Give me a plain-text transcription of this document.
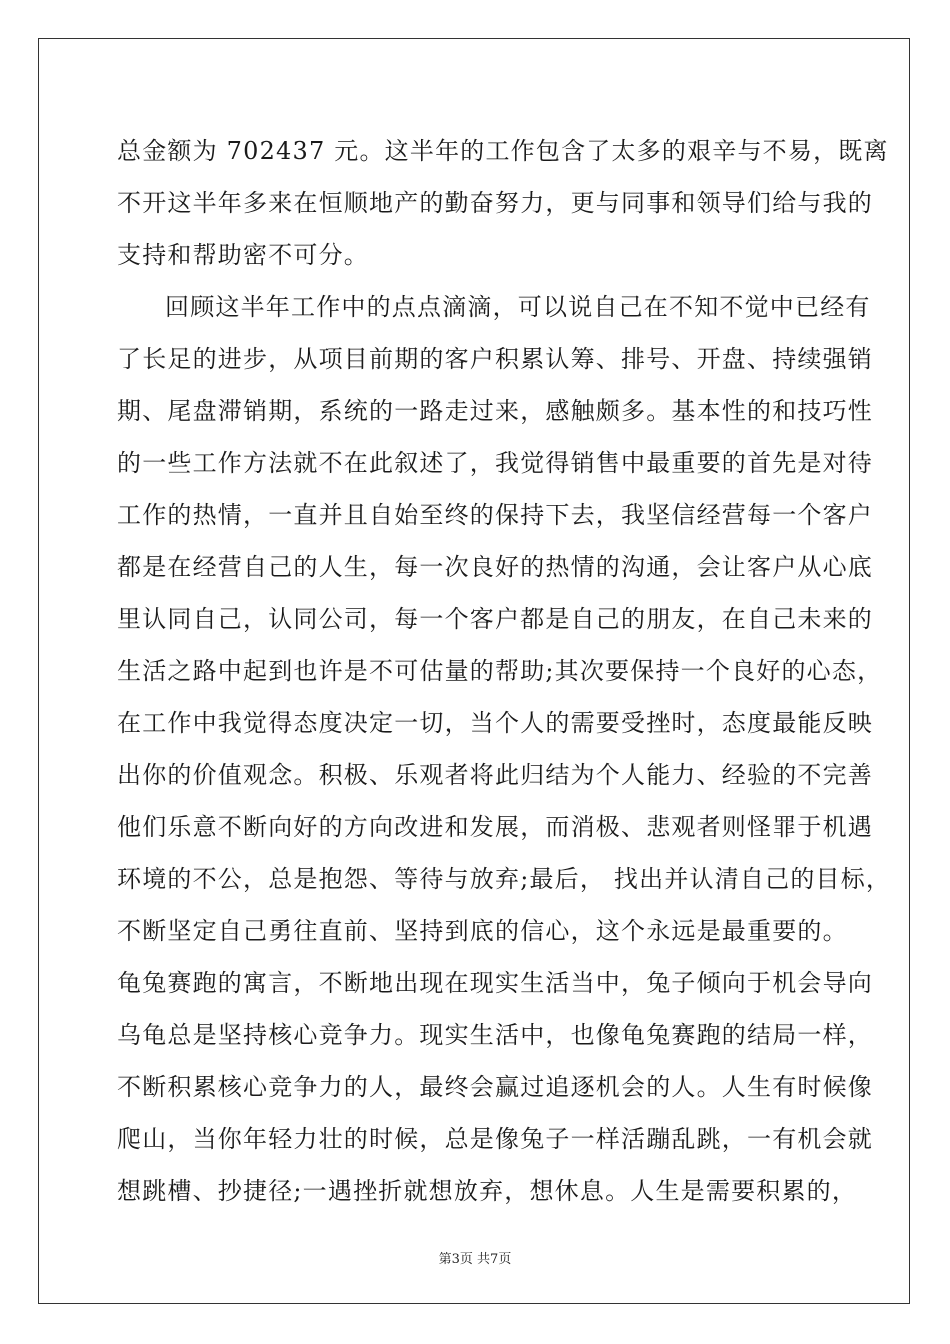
总金额为 702437 元。这半年的工作包含了太多的艰辛与不易，既离
不开这半年多来在恒顺地产的勤奋努力，更与同事和领导们给与我的
支持和帮助密不可分。
回顾这半年工作中的点点滴滴，可以说自己在不知不觉中已经有
了长足的进步，从项目前期的客户积累认筹、排号、开盘、持续强销
期、尾盘滞销期，系统的一路走过来，感触颇多。基本性的和技巧性
的一些工作方法就不在此叙述了，我觉得销售中最重要的首先是对待
工作的热情，一直并且自始至终的保持下去，我坚信经营每一个客户
都是在经营自己的人生，每一次良好的热情的沟通，会让客户从心底
里认同自己，认同公司，每一个客户都是自己的朋友，在自己未来的
生活之路中起到也许是不可估量的帮助;其次要保持一个良好的心态，
在工作中我觉得态度决定一切，当个人的需要受挫时，态度最能反映
出你的价值观念。积极、乐观者将此归结为个人能力、经验的不完善
他们乐意不断向好的方向改进和发展，而消极、悲观者则怪罪于机遇
环境的不公，总是抱怨、等待与放弃;最后， 找出并认清自己的目标，
不断坚定自己勇往直前、坚持到底的信心，这个永远是最重要的。
龟兔赛跑的寓言，不断地出现在现实生活当中，兔子倾向于机会导向
乌龟总是坚持核心竞争力。现实生活中，也像龟兔赛跑的结局一样，
不断积累核心竞争力的人，最终会赢过追逐机会的人。人生有时候像
爬山，当你年轻力壮的时候，总是像兔子一样活蹦乱跳，一有机会就
想跳槽、抄捷径;一遇挫折就想放弃，想休息。人生是需要积累的，
第3页 共7页
